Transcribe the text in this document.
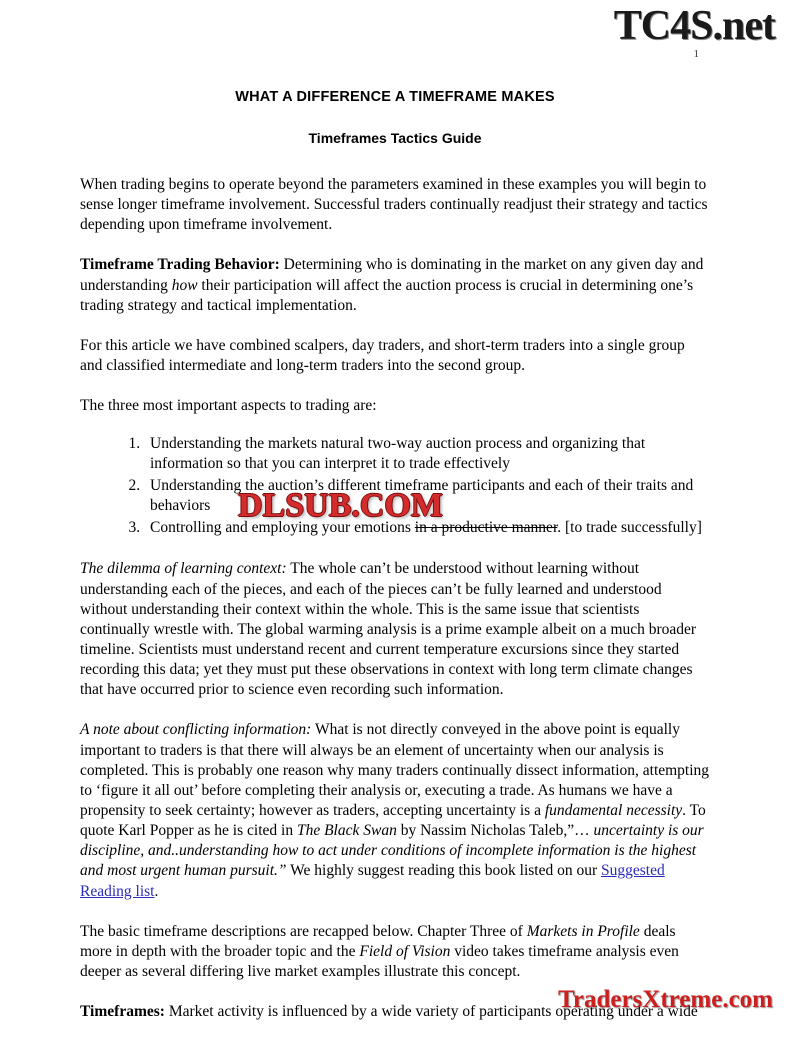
TC4S.net
1
WHAT A DIFFERENCE A TIMEFRAME MAKES
Timeframes Tactics Guide

When trading begins to operate beyond the parameters examined in these examples you will begin to sense longer timeframe involvement. Successful traders continually readjust their strategy and tactics depending upon timeframe involvement.

Timeframe Trading Behavior: Determining who is dominating in the market on any given day and understanding how their participation will affect the auction process is crucial in determining one’s trading strategy and tactical implementation.

For this article we have combined scalpers, day traders, and short-term traders into a single group and classified intermediate and long-term traders into the second group.

The three most important aspects to trading are:

1. Understanding the markets natural two-way auction process and organizing that information so that you can interpret it to trade effectively
2. Understanding the auction’s different timeframe participants and each of their traits and behaviors
3. Controlling and employing your emotions in a productive manner. [to trade successfully]

The dilemma of learning context: The whole can’t be understood without learning without understanding each of the pieces, and each of the pieces can’t be fully learned and understood without understanding their context within the whole. This is the same issue that scientists continually wrestle with. The global warming analysis is a prime example albeit on a much broader timeline. Scientists must understand recent and current temperature excursions since they started recording this data; yet they must put these observations in context with long term climate changes that have occurred prior to science even recording such information.

A note about conflicting information: What is not directly conveyed in the above point is equally important to traders is that there will always be an element of uncertainty when our analysis is completed. This is probably one reason why many traders continually dissect information, attempting to ‘figure it all out’ before completing their analysis or, executing a trade. As humans we have a propensity to seek certainty; however as traders, accepting uncertainty is a fundamental necessity. To quote Karl Popper as he is cited in The Black Swan by Nassim Nicholas Taleb,”… uncertainty is our discipline, and..understanding how to act under conditions of incomplete information is the highest and most urgent human pursuit.” We highly suggest reading this book listed on our Suggested Reading list.

The basic timeframe descriptions are recapped below. Chapter Three of Markets in Profile deals more in depth with the broader topic and the Field of Vision video takes timeframe analysis even deeper as several differing live market examples illustrate this concept.

Timeframes: Market activity is influenced by a wide variety of participants operating under a wide

DLSUB.COM
TradersXtreme.com
